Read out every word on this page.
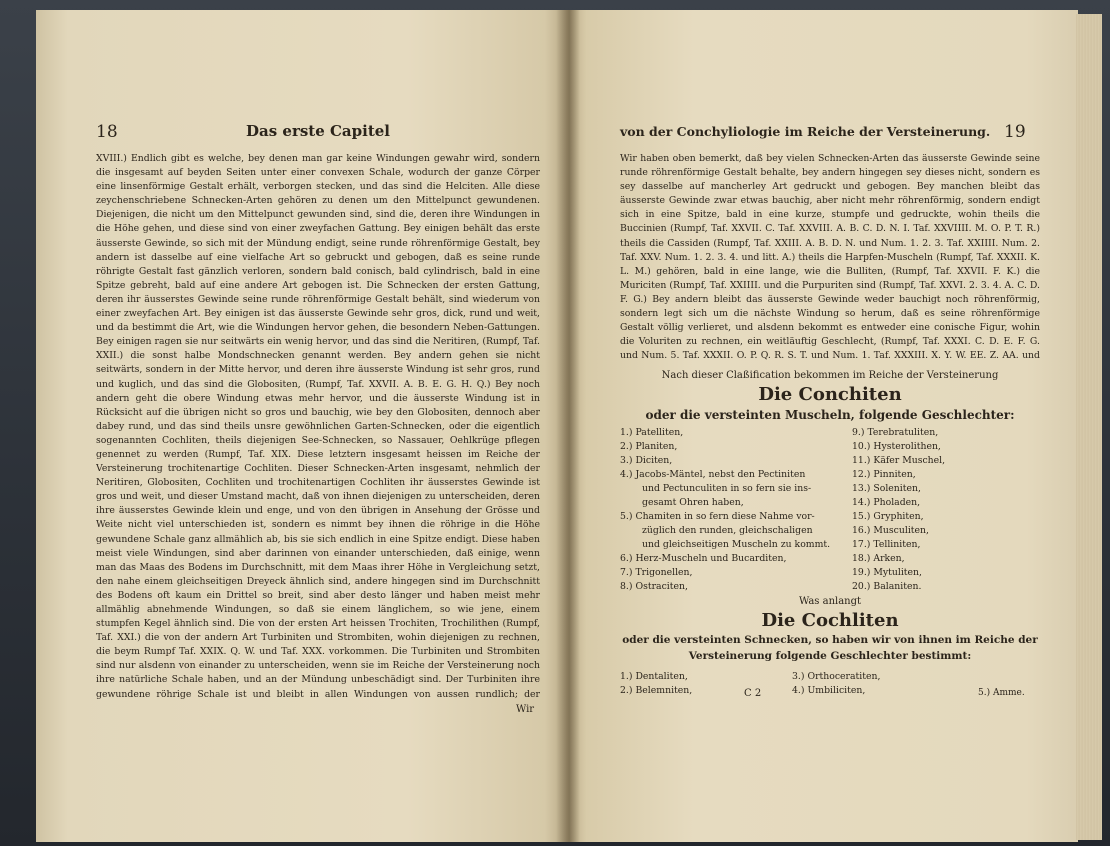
18	Das erste Capitel
XVIII.) Endlich gibt es welche, bey denen man gar keine Windungen gewahr wird, sondern die insgesamt auf beyden Seiten unter einer convexen Schale, wodurch der ganze Cörper eine linsenförmige Gestalt erhält, verborgen stecken, und das sind die Helciten. Alle diese zeychenschriebene Schnecken-Arten gehören zu denen um den Mittelpunct gewundenen. Diejenigen, die nicht um den Mittelpunct gewunden sind, sind die, deren ihre Windungen in die Höhe gehen, und diese sind von einer zweyfachen Gattung. Bey einigen behält das erste äusserste Gewinde, so sich mit der Mündung endigt, seine runde röhrenförmige Gestalt, bey andern ist dasselbe auf eine vielfache Art so gebruckt und gebogen, daß es seine runde röhrigte Gestalt fast gänzlich verloren, sondern bald conisch, bald cylindrisch, bald in eine Spitze gebreht, bald auf eine andere Art gebogen ist. Die Schnecken der ersten Gattung, deren ihr äusserstes Gewinde seine runde röhrenförmige Gestalt behält, sind wiederum von einer zweyfachen Art. Bey einigen ist das äusserste Gewinde sehr gros, dick, rund und weit, und da bestimmt die Art, wie die Windungen hervor gehen, die besondern Neben-Gattungen. Bey einigen ragen sie nur seitwärts ein wenig hervor, und das sind die Neritiren, (Rumpf, Taf. XXII.) die sonst halbe Mondschnecken genannt werden. Bey andern gehen sie nicht seitwärts, sondern in der Mitte hervor, und deren ihre äusserste Windung ist sehr gros, rund und kuglich, und das sind die Globositen, (Rumpf, Taf. XXVII. A. B. E. G. H. Q.) Bey noch andern geht die obere Windung etwas mehr hervor, und die äusserste Windung ist in Rücksicht auf die übrigen nicht so gros und bauchig, wie bey den Globositen, dennoch aber dabey rund, und das sind theils unsre gewöhnlichen Garten-Schnecken, oder die eigentlich sogenannten Cochliten, theils diejenigen See-Schnecken, so Nassauer, Oehlkrüge pflegen genennet zu werden (Rumpf, Taf. XIX. Diese letztern insgesamt heissen im Reiche der Versteinerung trochitenartige Cochliten. Dieser Schnecken-Arten insgesamt, nehmlich der Neritiren, Globositen, Cochliten und trochitenartigen Cochliten ihr äusserstes Gewinde ist gros und weit, und dieser Umstand macht, daß von ihnen diejenigen zu unterscheiden, deren ihre äusserstes Gewinde klein und enge, und von den übrigen in Ansehung der Grösse und Weite nicht viel unterschieden ist, sondern es nimmt bey ihnen die röhrige in die Höhe gewundene Schale ganz allmählich ab, bis sie sich endlich in eine Spitze endigt. Diese haben meist viele Windungen, sind aber darinnen von einander unterschieden, daß einige, wenn man das Maas des Bodens im Durchschnitt, mit dem Maas ihrer Höhe in Vergleichung setzt, den nahe einem gleichseitigen Dreyeck ähnlich sind, andere hingegen sind im Durchschnitt des Bodens oft kaum ein Drittel so breit, sind aber desto länger und haben meist mehr allmählig abnehmende Windungen, so daß sie einem länglichem, so wie jene, einem stumpfen Kegel ähnlich sind. Die von der ersten Art heissen Trochiten, Trochilithen (Rumpf, Taf. XXI.) die von der andern Art Turbiniten und Strombiten, wohin diejenigen zu rechnen, die beym Rumpf Taf. XXIX. Q. W. und Taf. XXX. vorkommen. Die Turbiniten und Strombiten sind nur alsdenn von einander zu unterscheiden, wenn sie im Reiche der Versteinerung noch ihre natürliche Schale haben, und an der Mündung unbeschädigt sind. Der Turbiniten ihre gewundene röhrige Schale ist und bleibt in allen Windungen von aussen rundlich; der
Wir
von der Conchyliologie im Reiche der Versteinerung. 19
Wir haben oben bemerkt, daß bey vielen Schnecken-Arten das äusserste Gewinde seine runde röhrenförmige Gestalt behalte, bey andern hingegen sey dieses nicht, sondern es sey dasselbe auf mancherley Art gedruckt und gebogen. Bey manchen bleibt das äusserste Gewinde zwar etwas bauchig, aber nicht mehr röhrenförmig, sondern endigt sich in eine Spitze, bald in eine kurze, stumpfe und gedruckte, wohin theils die Buccinien (Rumpf, Taf. XXVII. C. Taf. XXVIII. A. B. C. D. N. I. Taf. XXVIIII. M. O. P. T. R.) theils die Cassiden (Rumpf, Taf. XXIII. A. B. D. N. und Num. 1. 2. 3. Taf. XXIIII. Num. 2. Taf. XXV. Num. 1. 2. 3. 4. und litt. A.) theils die Harpfen-Muscheln (Rumpf, Taf. XXXII. K. L. M.) gehören, bald in eine lange, wie die Bulliten, (Rumpf, Taf. XXVII. F. K.) die Muriciten (Rumpf, Taf. XXIIII. und die Purpuriten sind (Rumpf, Taf. XXVI. 2. 3. 4. A. C. D. F. G.) Bey andern bleibt das äusserste Gewinde weder bauchigt noch röhrenförmig, sondern legt sich um die nächste Windung so herum, daß es seine röhrenförmige Gestalt völlig verlieret, und alsdenn bekommt es entweder eine conische Figur, wohin die Voluriten zu rechnen, ein weitläuftig Geschlecht, (Rumpf, Taf. XXXI. C. D. E. F. G. und Num. 5. Taf. XXXII. O. P. Q. R. S. T. und Num. 1. Taf. XXXIII. X. Y. W. EE. Z. AA. und
Nach dieser Claßification bekommen im Reiche der Versteinerung
Die Conchiten
oder die versteinten Muscheln, folgende Geschlechter:
1.) Patelliten,
2.) Planiten,
3.) Diciten,
4.) Jacobs-Mäntel, nebst den Pectiniten
und Pectunculiten in so fern sie ins-
gesamt Ohren haben,
5.) Chamiten in so fern diese Nahme vor-
züglich den runden, gleichschaligen
und gleichseitigen Muscheln zu kommt.
6.) Herz-Muscheln und Bucarditen,
7.) Trigonellen,
8.) Ostraciten,
9.) Terebratuliten,
10.) Hysterolithen,
11.) Käfer Muschel,
12.) Pinniten,
13.) Soleniten,
14.) Pholaden,
15.) Gryphiten,
16.) Musculiten,
17.) Telliniten,
18.) Arken,
19.) Mytuliten,
20.) Balaniten.
Was anlangt
Die Cochliten
oder die versteinten Schnecken, so haben wir von ihnen im Reiche der
Versteinerung folgende Geschlechter bestimmt:
1.) Dentaliten,
2.) Belemniten,
3.) Orthoceratiten,
4.) Umbiliciten,
C 2	5.) Amme.
